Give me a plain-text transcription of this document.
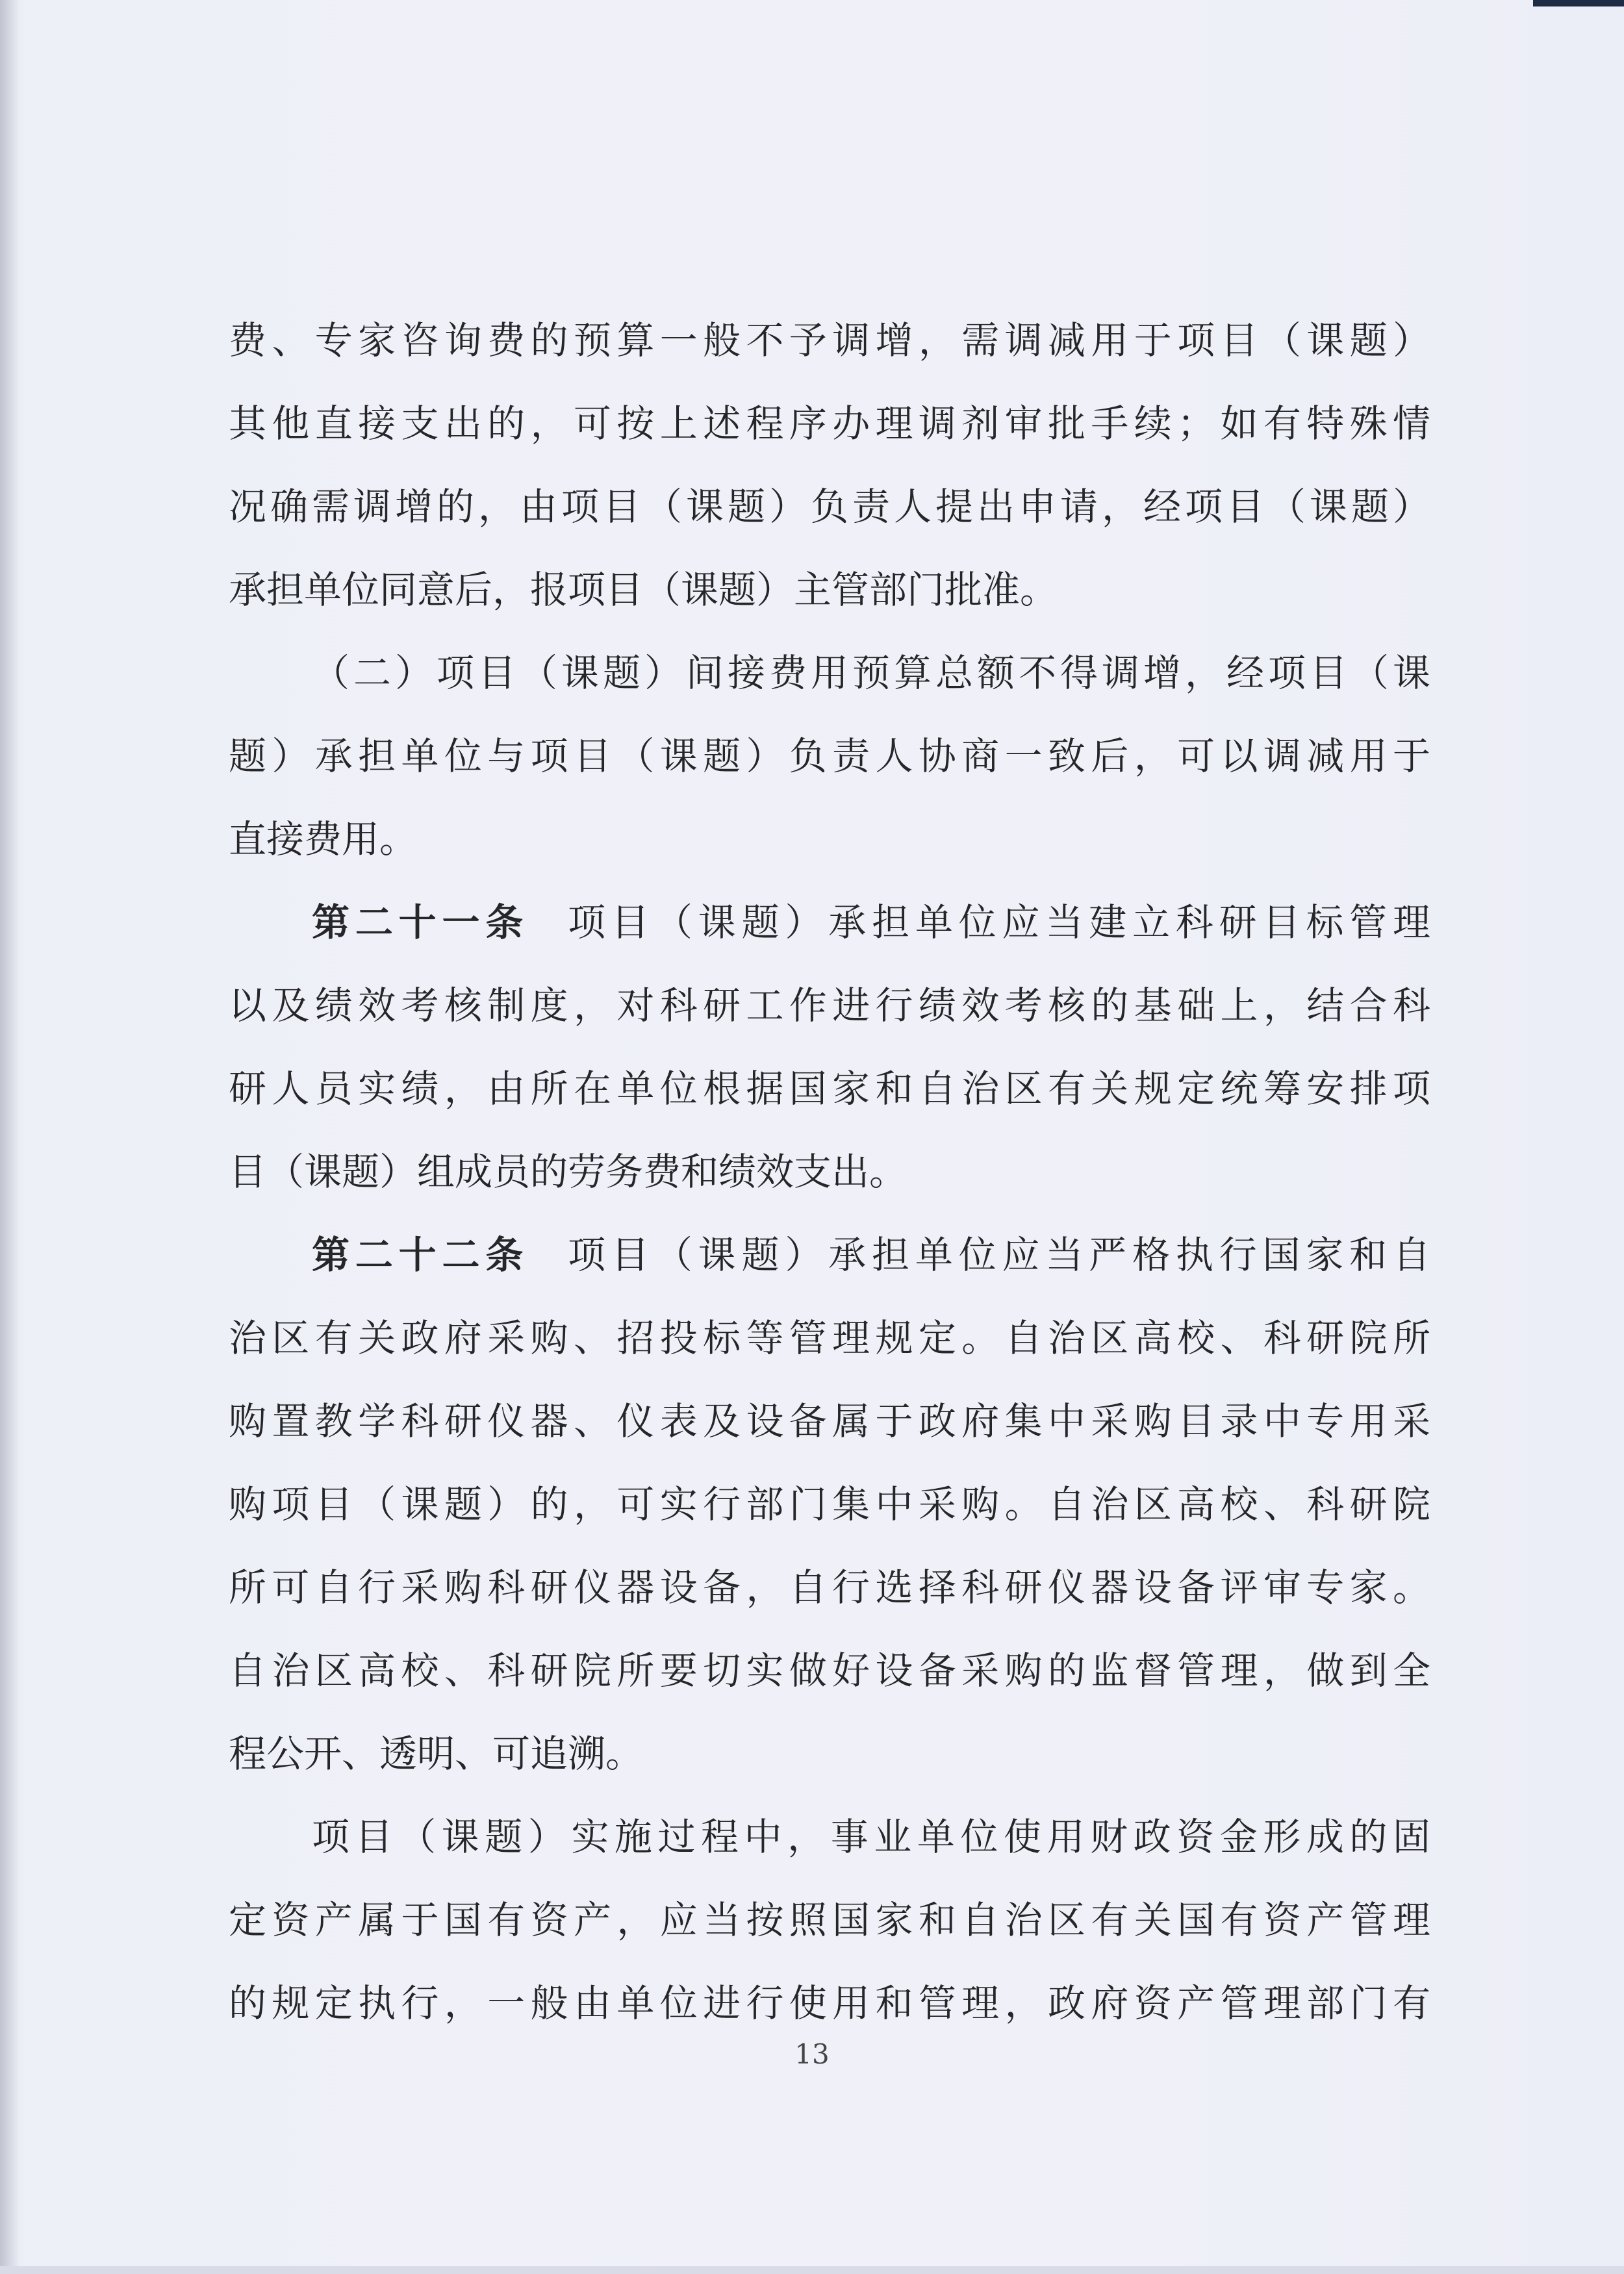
费、专家咨询费的预算一般不予调增，需调减用于项目（课题）
其他直接支出的，可按上述程序办理调剂审批手续；如有特殊情
况确需调增的，由项目（课题）负责人提出申请，经项目（课题）
承担单位同意后，报项目（课题）主管部门批准。
（二）项目（课题）间接费用预算总额不得调增，经项目（课
题）承担单位与项目（课题）负责人协商一致后，可以调减用于
直接费用。
第二十一条 项目（课题）承担单位应当建立科研目标管理
以及绩效考核制度，对科研工作进行绩效考核的基础上，结合科
研人员实绩，由所在单位根据国家和自治区有关规定统筹安排项
目（课题）组成员的劳务费和绩效支出。
第二十二条 项目（课题）承担单位应当严格执行国家和自
治区有关政府采购、招投标等管理规定。自治区高校、科研院所
购置教学科研仪器、仪表及设备属于政府集中采购目录中专用采
购项目（课题）的，可实行部门集中采购。自治区高校、科研院
所可自行采购科研仪器设备，自行选择科研仪器设备评审专家。
自治区高校、科研院所要切实做好设备采购的监督管理，做到全
程公开、透明、可追溯。
项目（课题）实施过程中，事业单位使用财政资金形成的固
定资产属于国有资产，应当按照国家和自治区有关国有资产管理
的规定执行，一般由单位进行使用和管理，政府资产管理部门有
13
